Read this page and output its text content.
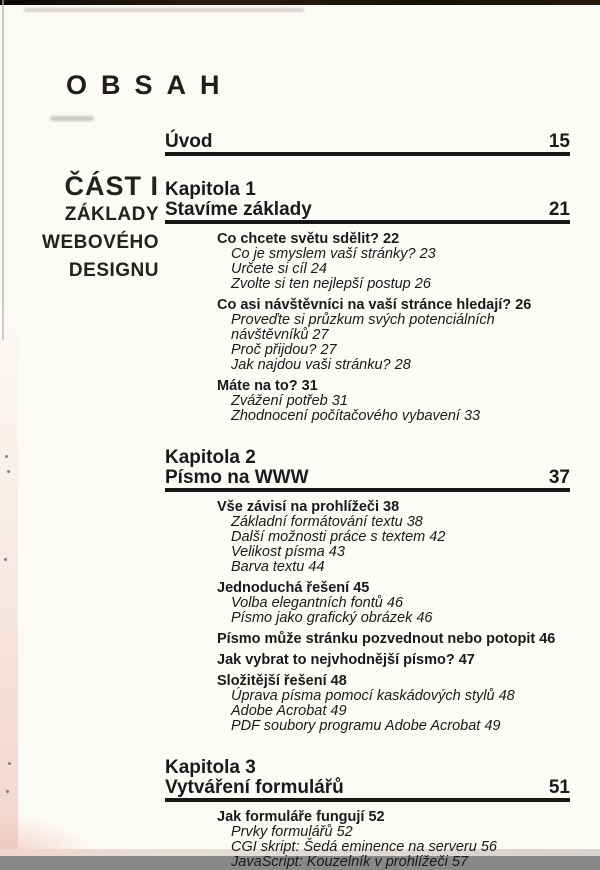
OBSAH
ČÁST I
ZÁKLADY
WEBOVÉHO
DESIGNU
Úvod	15
Kapitola 1
Stavíme základy	21
Co chcete světu sdělit? 22
Co je smyslem vaší stránky? 23
Určete si cíl 24
Zvolte si ten nejlepší postup 26
Co asi návštěvníci na vaší stránce hledají? 26
Proveďte si průzkum svých potenciálních návštěvníků 27
Proč přijdou? 27
Jak najdou vaši stránku? 28
Máte na to? 31
Zvážení potřeb 31
Zhodnocení počítačového vybavení 33
Kapitola 2
Písmo na WWW	37
Vše závisí na prohlížeči 38
Základní formátování textu 38
Další možnosti práce s textem 42
Velikost písma 43
Barva textu 44
Jednoduchá řešení 45
Volba elegantních fontů 46
Písmo jako grafický obrázek 46
Písmo může stránku pozvednout nebo potopit 46
Jak vybrat to nejvhodnější písmo? 47
Složitější řešení 48
Úprava písma pomocí kaskádových stylů 48
Adobe Acrobat 49
PDF soubory programu Adobe Acrobat 49
Kapitola 3
Vytváření formulářů	51
Jak formuláře fungují 52
Prvky formulářů 52
CGI skript: Šedá eminence na serveru 56
JavaScript: Kouzelník v prohlížeči 57
